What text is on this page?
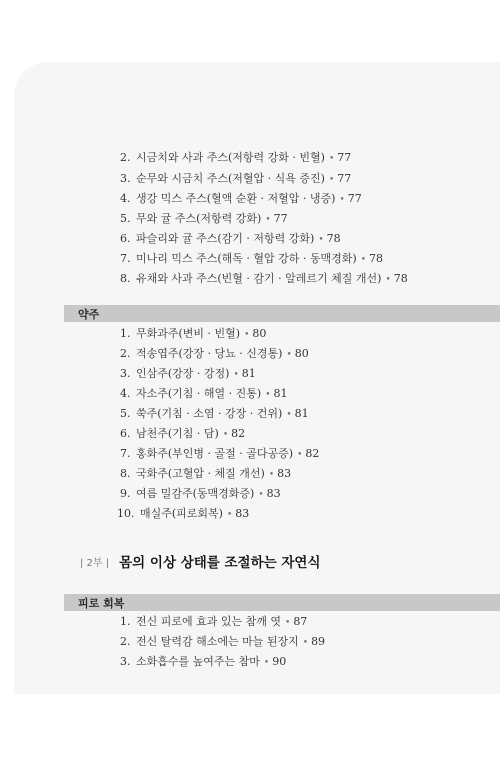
2. 시금치와 사과 주스(저항력 강화 · 빈혈) • 77
3. 순무와 시금치 주스(저혈압 · 식욕 증진) • 77
4. 생강 믹스 주스(혈액 순환 · 저혈압 · 냉증) • 77
5. 무와 귤 주스(저항력 강화) • 77
6. 파슬리와 귤 주스(감기 · 저항력 강화) • 78
7. 미나리 믹스 주스(해독 · 혈압 강하 · 동맥경화) • 78
8. 유채와 사과 주스(빈혈 · 감기 · 알레르기 체질 개선) • 78
약주
1. 무화과주(변비 · 빈혈) • 80
2. 적송엽주(강장 · 당뇨 · 신경통) • 80
3. 인삼주(강장 · 강정) • 81
4. 자소주(기침 · 해열 · 진통) • 81
5. 쑥주(기침 · 소염 · 강장 · 건위) • 81
6. 남천주(기침 · 담) • 82
7. 홍화주(부인병 · 골절 · 골다공증) • 82
8. 국화주(고혈압 · 체질 개선) • 83
9. 여름 밀감주(동맥경화증) • 83
10. 매실주(피로회복) • 83
| 2부 | 몸의 이상 상태를 조절하는 자연식
피로 회복
1. 전신 피로에 효과 있는 참깨 엿 • 87
2. 전신 탈력감 해소에는 마늘 된장지 • 89
3. 소화흡수를 높여주는 참마 • 90
